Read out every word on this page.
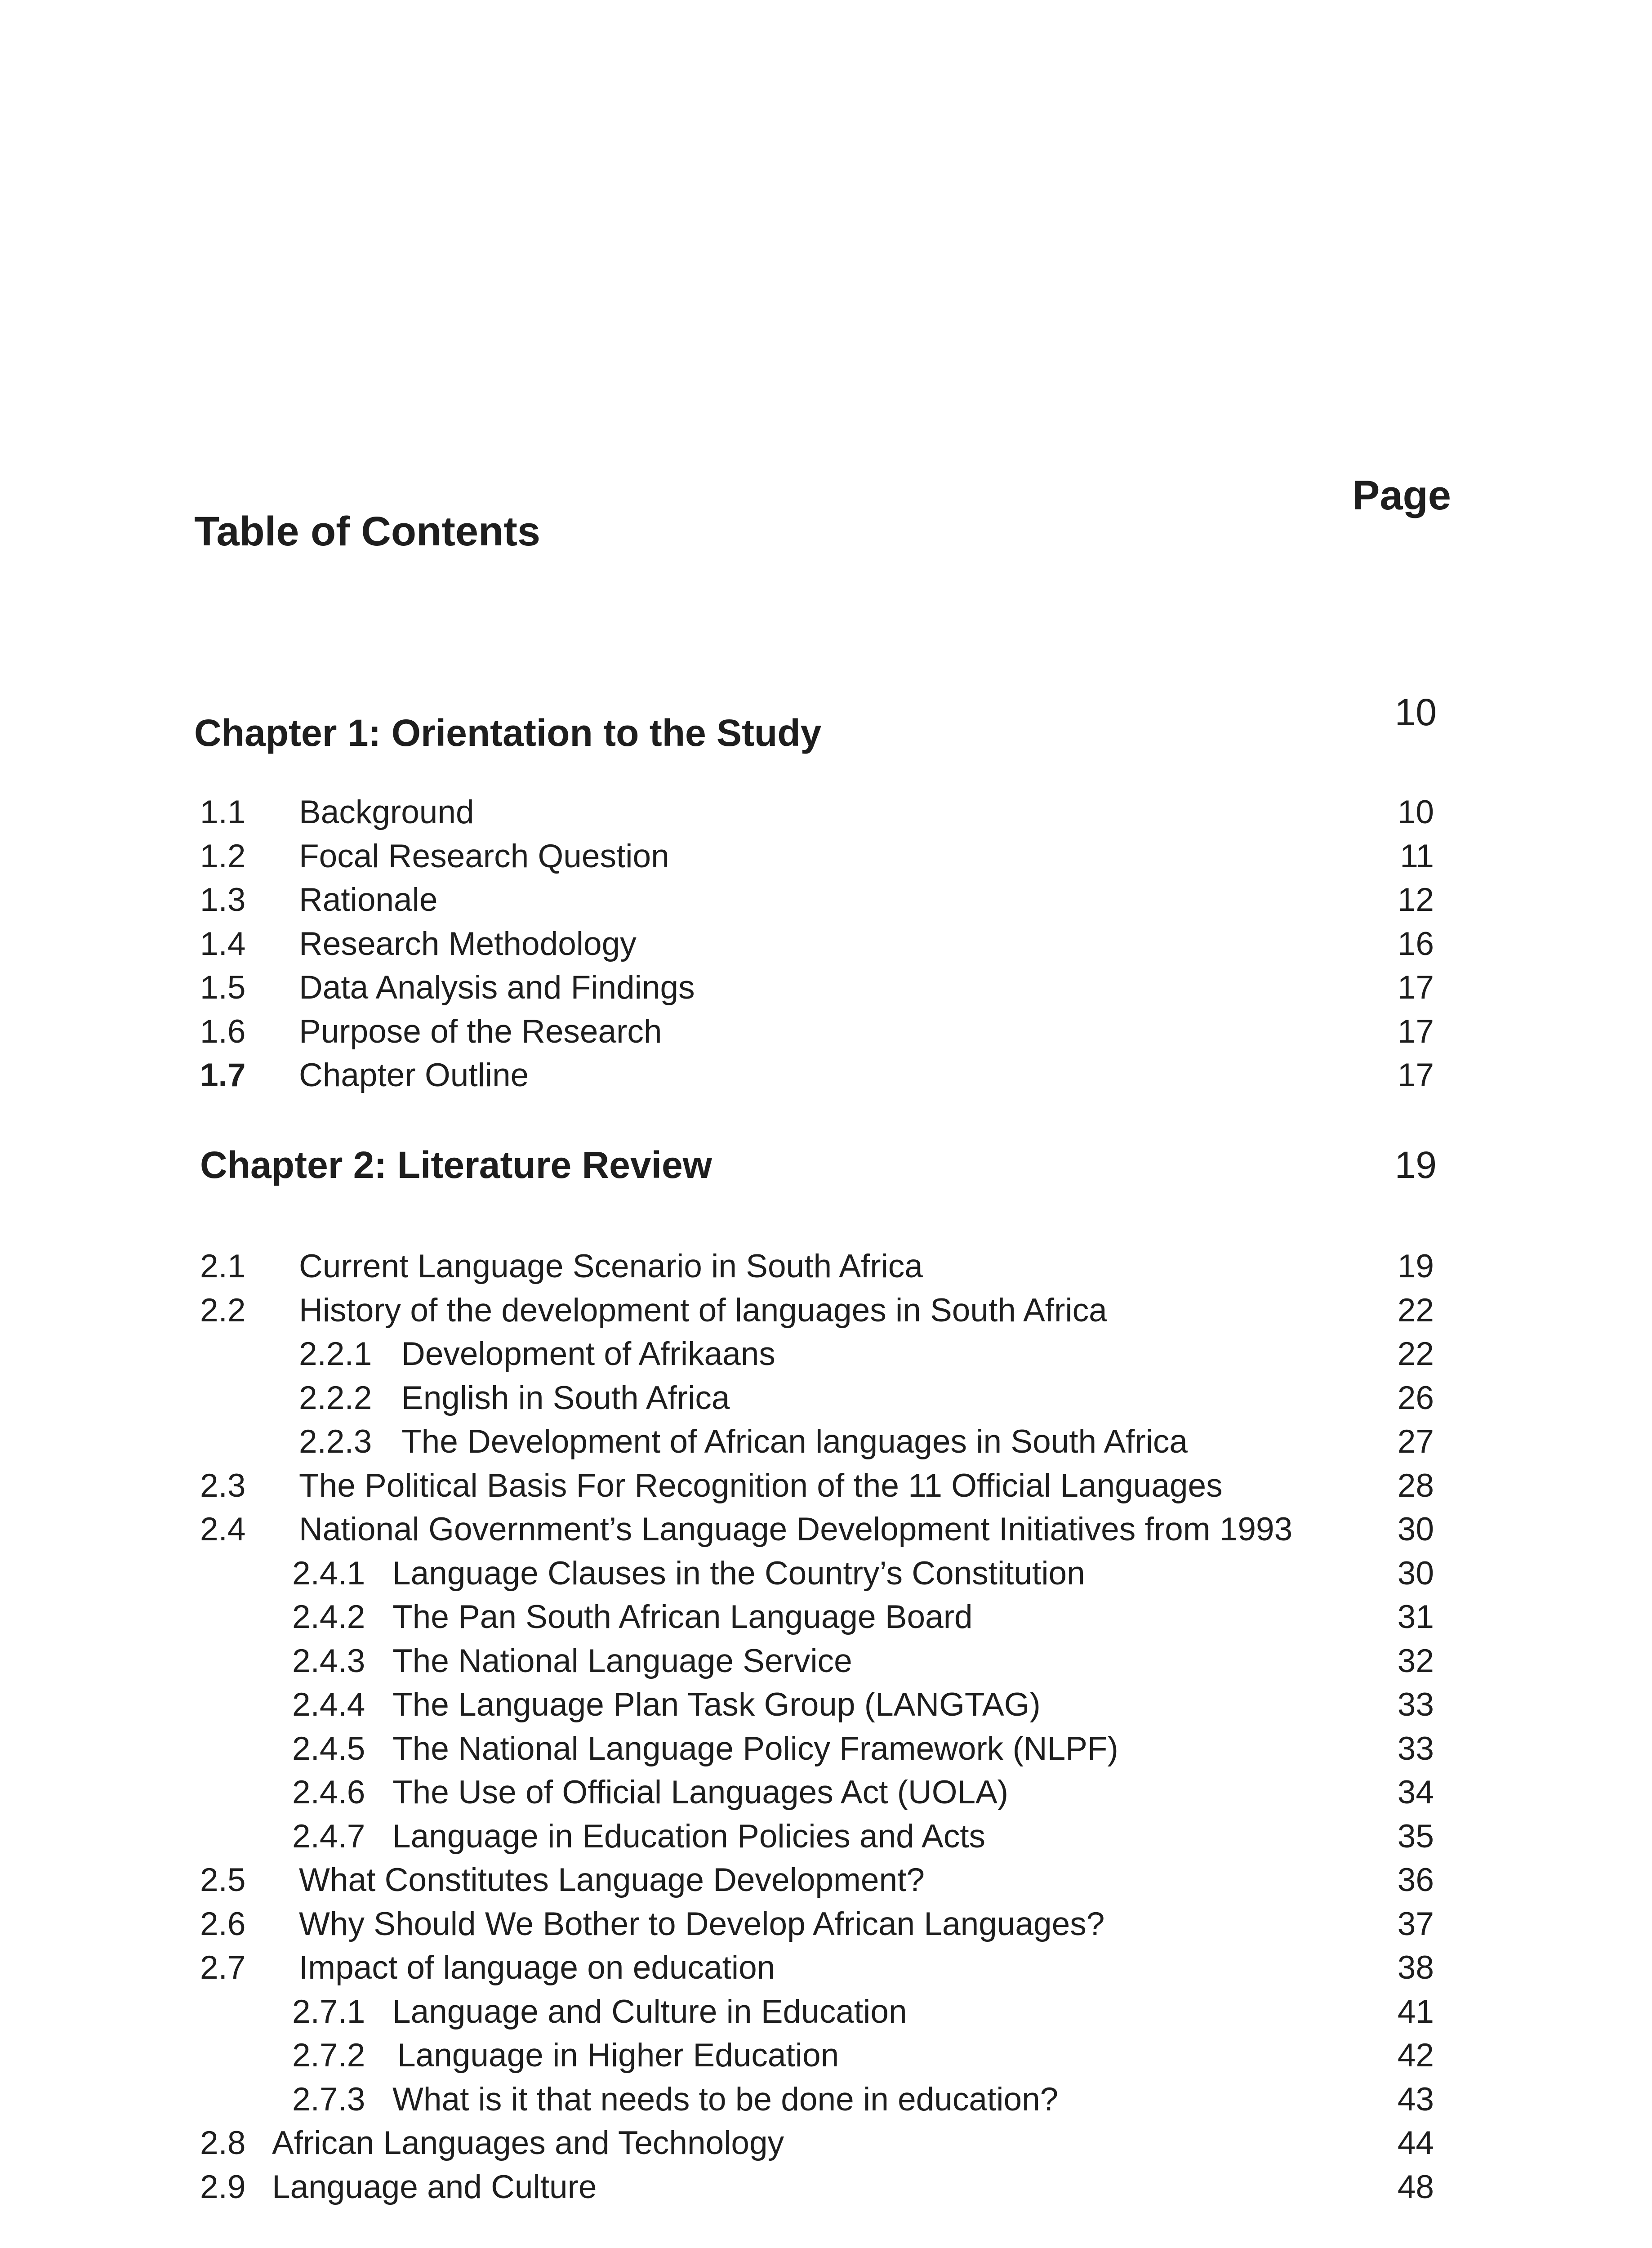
Table of Contents
Page
Chapter 1: Orientation to the Study	10
1.1 Background	10
1.2 Focal Research Question	11
1.3 Rationale	12
1.4 Research Methodology	16
1.5 Data Analysis and Findings	17
1.6 Purpose of the Research	17
1.7 Chapter Outline	17
Chapter 2: Literature Review	19
2.1 Current Language Scenario in South Africa	19
2.2 History of the development of languages in South Africa	22
2.2.1 Development of Afrikaans	22
2.2.2 English in South Africa	26
2.2.3 The Development of African languages in South Africa	27
2.3 The Political Basis For Recognition of the 11 Official Languages	28
2.4 National Government’s Language Development Initiatives from 1993	30
2.4.1 Language Clauses in the Country’s Constitution	30
2.4.2 The Pan South African Language Board	31
2.4.3 The National Language Service	32
2.4.4 The Language Plan Task Group (LANGTAG)	33
2.4.5 The National Language Policy Framework (NLPF)	33
2.4.6 The Use of Official Languages Act (UOLA)	34
2.4.7 Language in Education Policies and Acts	35
2.5 What Constitutes Language Development?	36
2.6 Why Should We Bother to Develop African Languages?	37
2.7 Impact of language on education	38
2.7.1 Language and Culture in Education	41
2.7.2 Language in Higher Education	42
2.7.3 What is it that needs to be done in education?	43
2.8 African Languages and Technology	44
2.9 Language and Culture	48
